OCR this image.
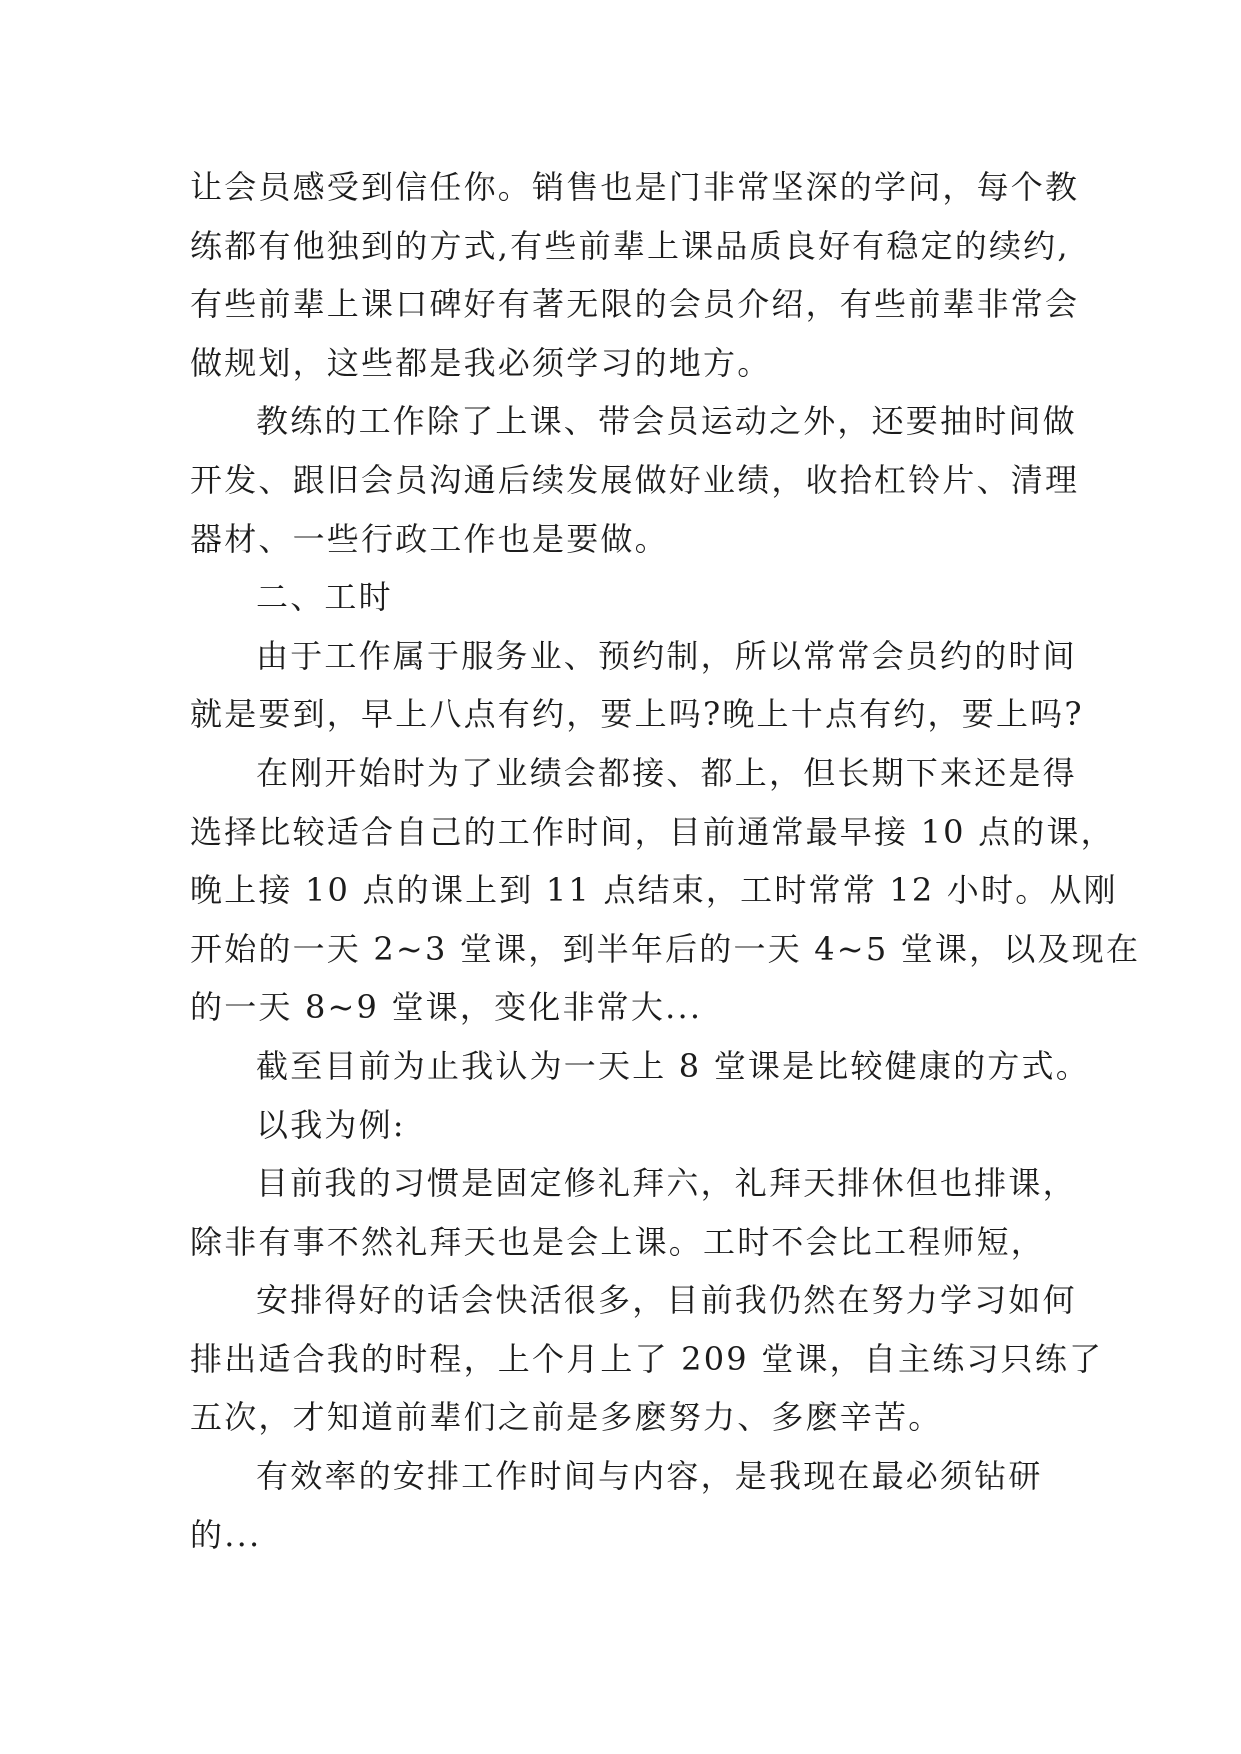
让会员感受到信任你。销售也是门非常坚深的学问，每个教
练都有他独到的方式,有些前辈上课品质良好有稳定的续约,
有些前辈上课口碑好有著无限的会员介绍，有些前辈非常会
做规划，这些都是我必须学习的地方。
教练的工作除了上课、带会员运动之外，还要抽时间做
开发、跟旧会员沟通后续发展做好业绩，收拾杠铃片、清理
器材、一些行政工作也是要做。
二、工时
由于工作属于服务业、预约制，所以常常会员约的时间
就是要到，早上八点有约，要上吗?晚上十点有约，要上吗?
在刚开始时为了业绩会都接、都上，但长期下来还是得
选择比较适合自己的工作时间，目前通常最早接 10 点的课，
晚上接 10 点的课上到 11 点结束，工时常常 12 小时。从刚
开始的一天 2~3 堂课，到半年后的一天 4~5 堂课，以及现在
的一天 8~9 堂课，变化非常大...
截至目前为止我认为一天上 8 堂课是比较健康的方式。
以我为例:
目前我的习惯是固定修礼拜六，礼拜天排休但也排课，
除非有事不然礼拜天也是会上课。工时不会比工程师短，
安排得好的话会快活很多，目前我仍然在努力学习如何
排出适合我的时程，上个月上了 209 堂课，自主练习只练了
五次，才知道前辈们之前是多麽努力、多麽辛苦。
有效率的安排工作时间与内容，是我现在最必须钻研
的...
